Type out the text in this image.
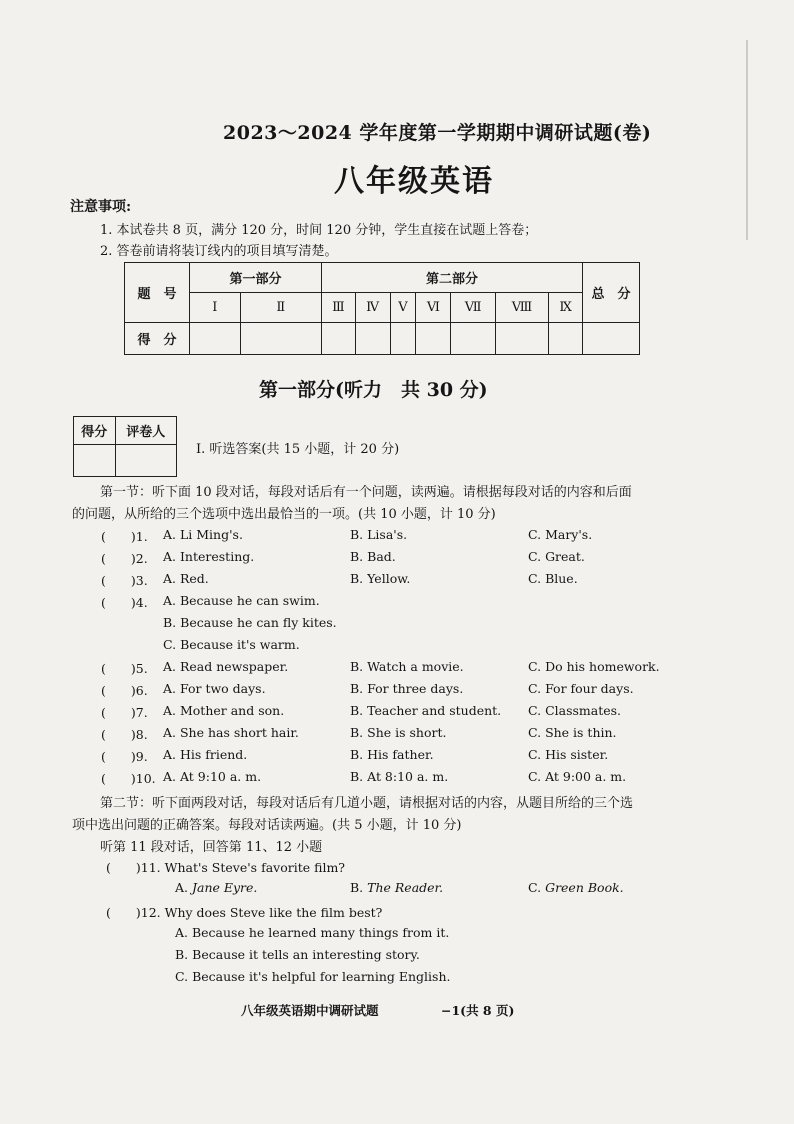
2023～2024 学年度第一学期期中调研试题(卷)
八年级英语
注意事项:
1. 本试卷共 8 页，满分 120 分，时间 120 分钟，学生直接在试题上答卷；
2. 答卷前请将装订线内的项目填写清楚。
题　号	第一部分		第二部分							总　分
	Ⅰ	Ⅱ	Ⅲ	Ⅳ	Ⅴ	Ⅵ	Ⅶ	Ⅷ	Ⅸ	
得　分										
第一部分(听力　共 30 分)
得分	评卷人

Ⅰ. 听选答案(共 15 小题，计 20 分)
第一节：听下面 10 段对话，每段对话后有一个问题，读两遍。请根据每段对话的内容和后面
的问题，从所给的三个选项中选出最恰当的一项。(共 10 小题，计 10 分)
(　　)1. A. Li Ming's.	B. Lisa's.	C. Mary's.
(　　)2. A. Interesting.	B. Bad.	C. Great.
(　　)3. A. Red.	B. Yellow.	C. Blue.
(　　)4. A. Because he can swim.
B. Because he can fly kites.
C. Because it's warm.
(　　)5. A. Read newspaper.	B. Watch a movie.	C. Do his homework.
(　　)6. A. For two days.	B. For three days.	C. For four days.
(　　)7. A. Mother and son.	B. Teacher and student. C. Classmates.
(　　)8. A. She has short hair.	B. She is short.	C. She is thin.
(　　)9. A. His friend.	B. His father.	C. His sister.
(　　)10. A. At 9:10 a. m.	B. At 8:10 a. m.	C. At 9:00 a. m.
第二节：听下面两段对话，每段对话后有几道小题，请根据对话的内容，从题目所给的三个选
项中选出问题的正确答案。每段对话读两遍。(共 5 小题，计 10 分)
听第 11 段对话，回答第 11、12 小题
(　　)11. What's Steve's favorite film?
A. Jane Eyre.	B. The Reader.	C. Green Book.
(　　)12. Why does Steve like the film best?
A. Because he learned many things from it.
B. Because it tells an interesting story.
C. Because it's helpful for learning English.
八年级英语期中调研试题	−1(共 8 页)
